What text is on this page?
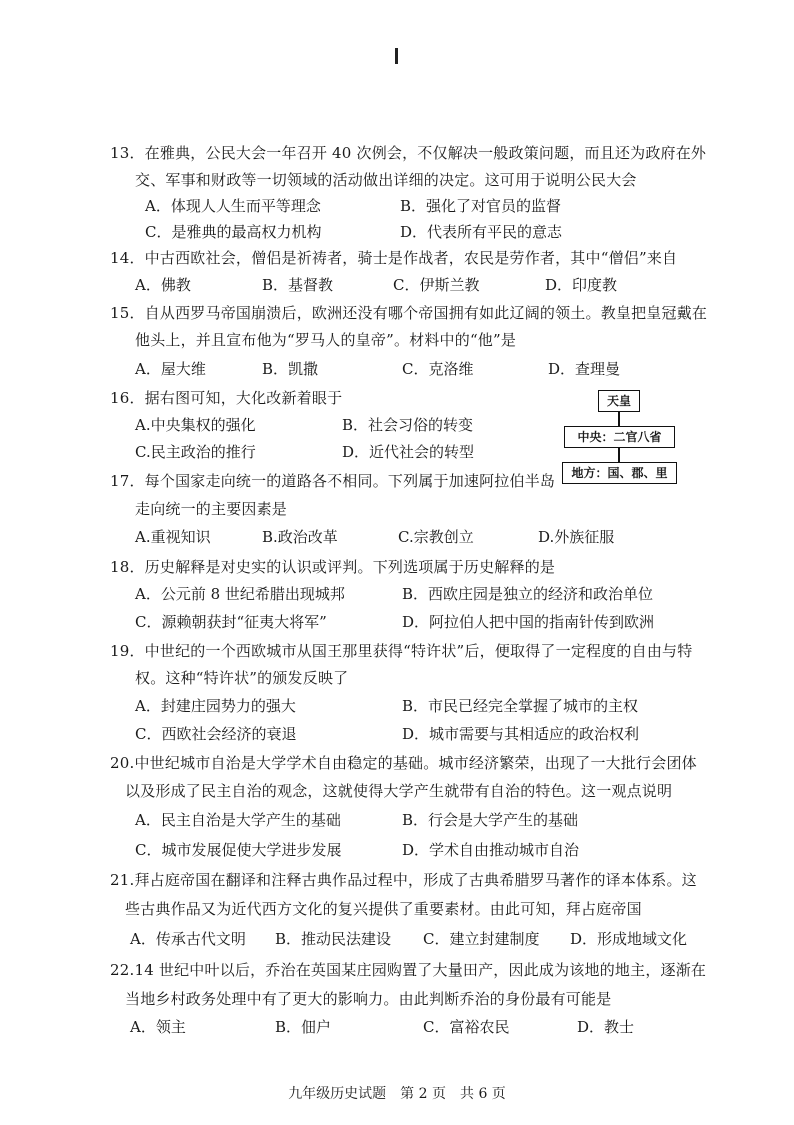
13．在雅典，公民大会一年召开 40 次例会，不仅解决一般政策问题，而且还为政府在外
交、军事和财政等一切领域的活动做出详细的决定。这可用于说明公民大会
A．体现人人生而平等理念	B．强化了对官员的监督
C．是雅典的最高权力机构	D．代表所有平民的意志
14．中古西欧社会，僧侣是祈祷者，骑士是作战者，农民是劳作者，其中“僧侣”来自
A．佛教	B．基督教	C．伊斯兰教	D．印度教
15．自从西罗马帝国崩溃后，欧洲还没有哪个帝国拥有如此辽阔的领土。教皇把皇冠戴在
他头上，并且宣布他为“罗马人的皇帝”。材料中的“他”是
A．屋大维	B．凯撒	C．克洛维	D．查理曼
16．据右图可知，大化改新着眼于
A.中央集权的强化	B．社会习俗的转变
C.民主政治的推行	D．近代社会的转型
天皇
中央：二官八省
地方：国、郡、里
17．每个国家走向统一的道路各不相同。下列属于加速阿拉伯半岛
走向统一的主要因素是
A.重视知识	B.政治改革	C.宗教创立	D.外族征服
18．历史解释是对史实的认识或评判。下列选项属于历史解释的是
A．公元前 8 世纪希腊出现城邦	B．西欧庄园是独立的经济和政治单位
C．源赖朝获封“征夷大将军”	D．阿拉伯人把中国的指南针传到欧洲
19．中世纪的一个西欧城市从国王那里获得“特许状”后，便取得了一定程度的自由与特
权。这种“特许状”的颁发反映了
A．封建庄园势力的强大	B．市民已经完全掌握了城市的主权
C．西欧社会经济的衰退	D．城市需要与其相适应的政治权利
20.中世纪城市自治是大学学术自由稳定的基础。城市经济繁荣，出现了一大批行会团体
以及形成了民主自治的观念，这就使得大学产生就带有自治的特色。这一观点说明
A．民主自治是大学产生的基础	B．行会是大学产生的基础
C．城市发展促使大学进步发展	D．学术自由推动城市自治
21.拜占庭帝国在翻译和注释古典作品过程中，形成了古典希腊罗马著作的译本体系。这
些古典作品又为近代西方文化的复兴提供了重要素材。由此可知，拜占庭帝国
A．传承古代文明 B．推动民法建设 C．建立封建制度 D．形成地域文化
22.14 世纪中叶以后，乔治在英国某庄园购置了大量田产，因此成为该地的地主，逐渐在
当地乡村政务处理中有了更大的影响力。由此判断乔治的身份最有可能是
A．领主	B．佃户	C．富裕农民	D．教士
九年级历史试题　第 2 页　共 6 页
